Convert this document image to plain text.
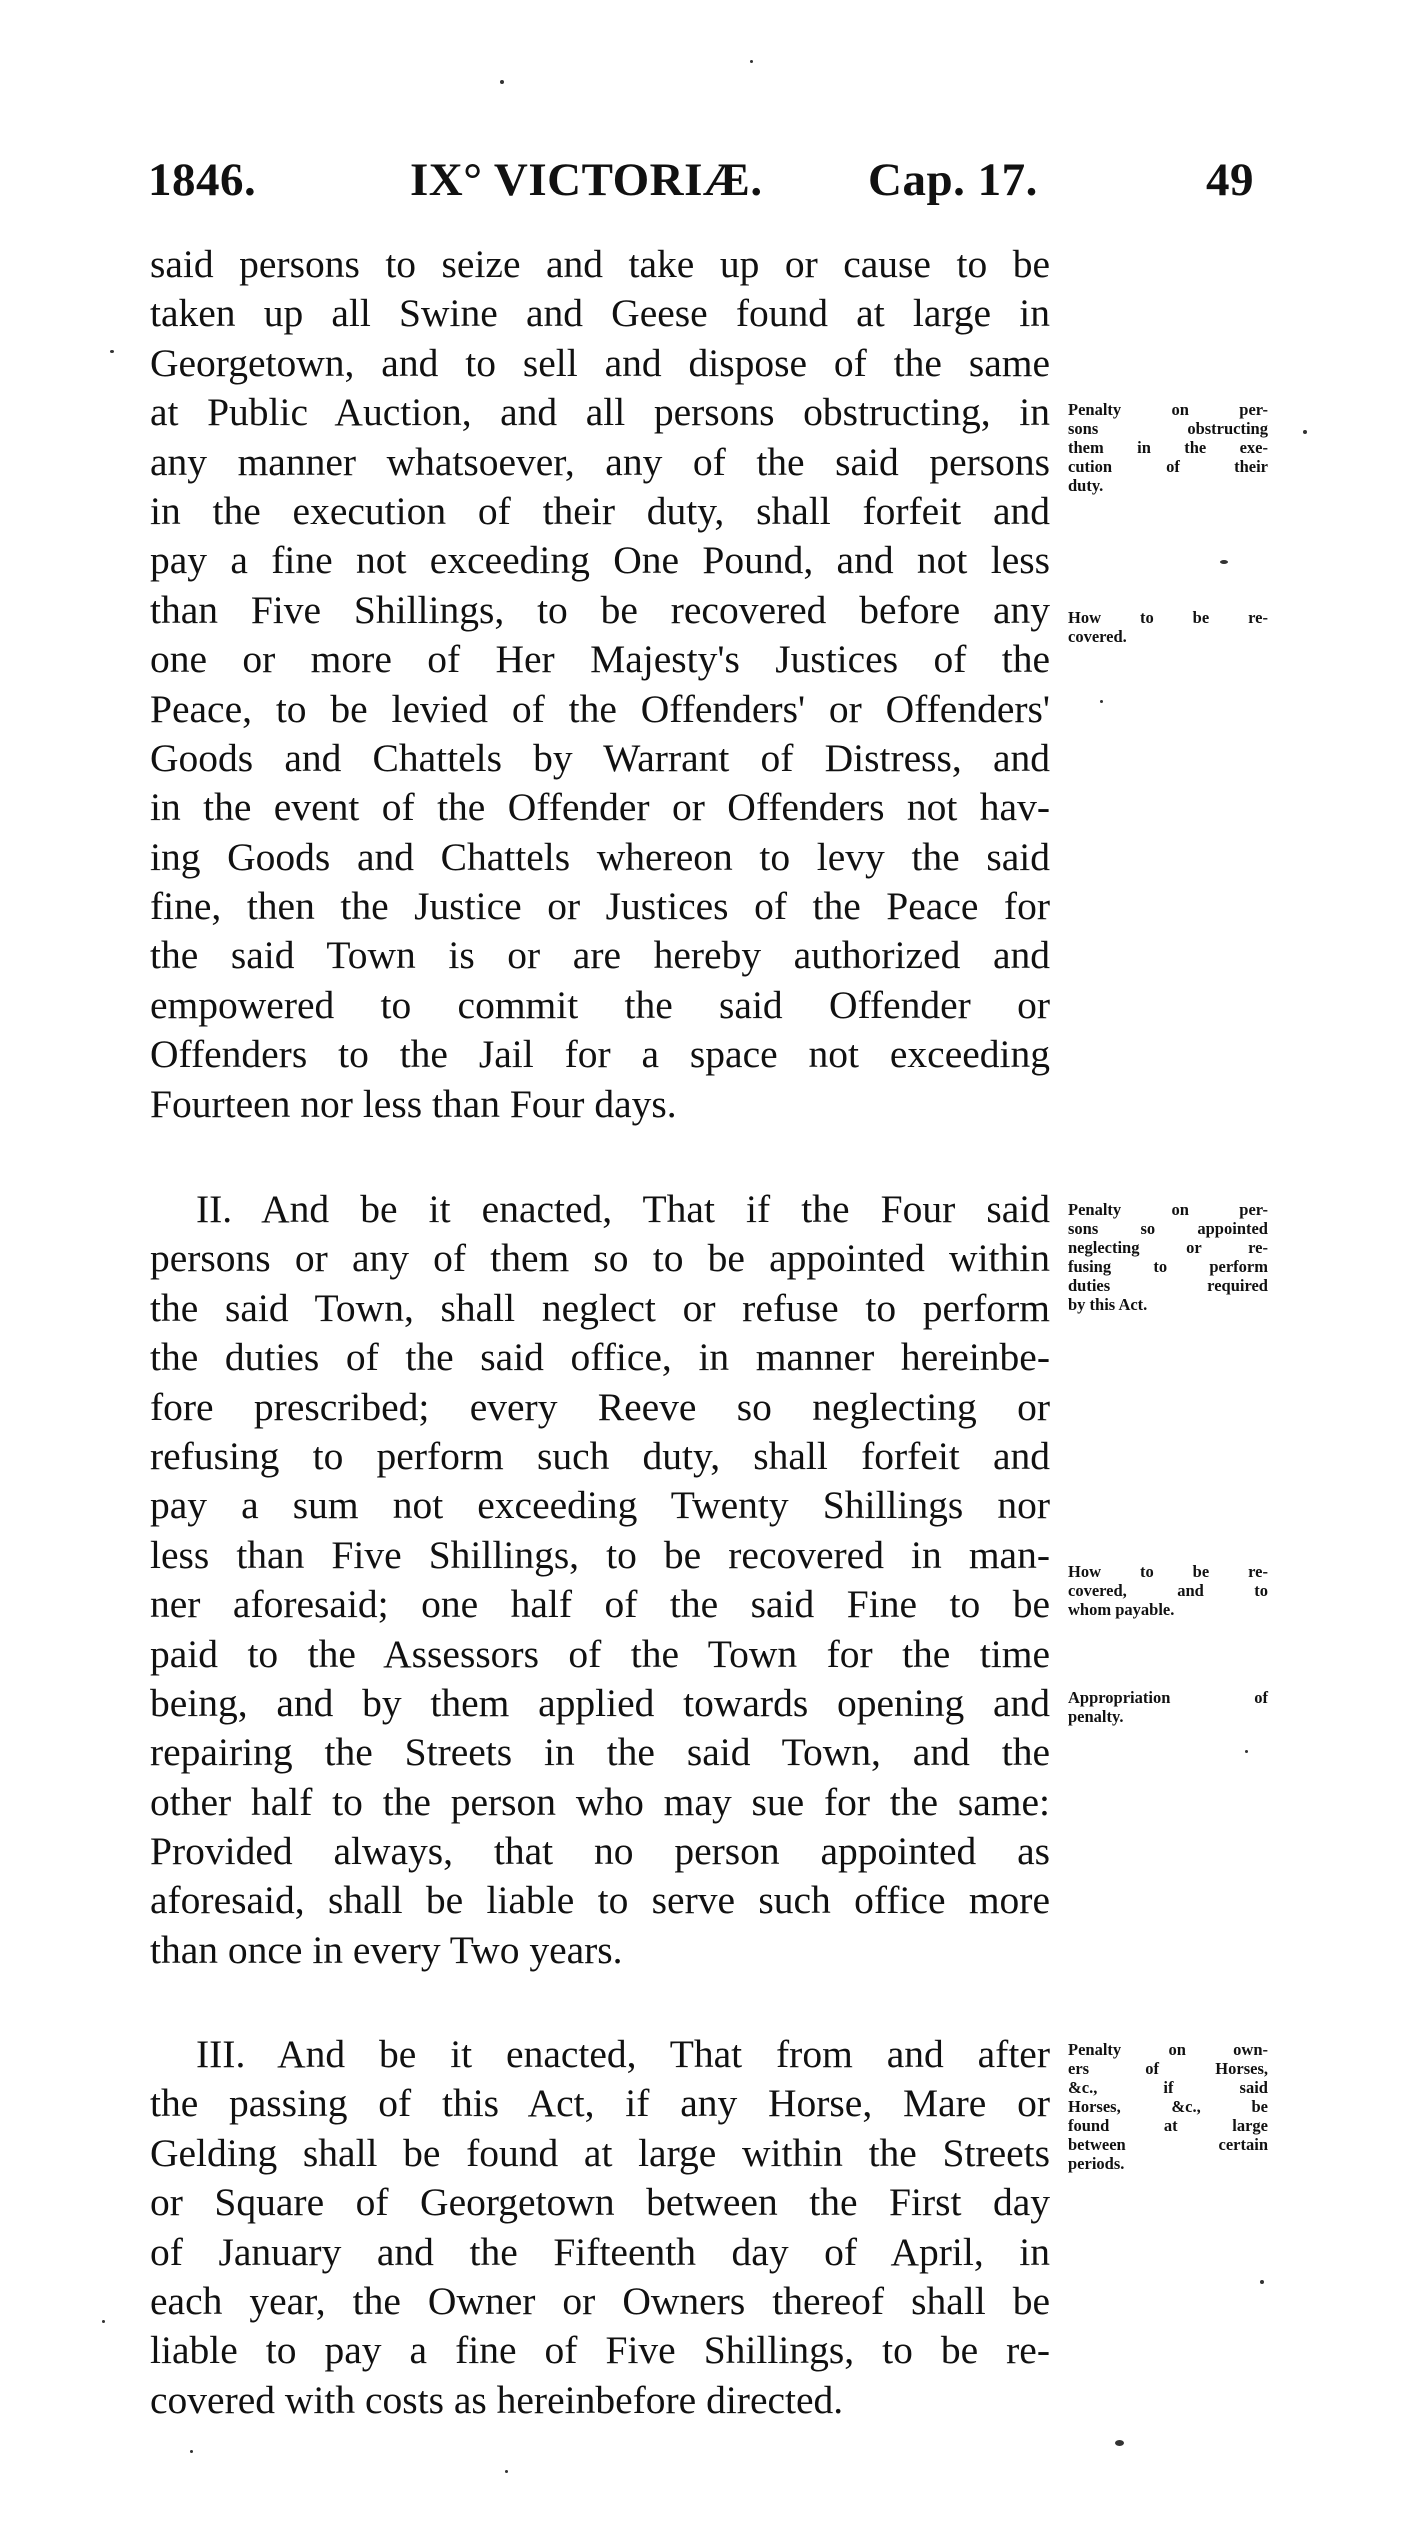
1846.	IX° VICTORIÆ. Cap. 17.	49
said persons to seize and take up or cause to be
taken up all Swine and Geese found at large in
Georgetown, and to sell and dispose of the same
at Public Auction, and all persons obstructing, in
any manner whatsoever, any of the said persons
in the execution of their duty, shall forfeit and
pay a fine not exceeding One Pound, and not less
than Five Shillings, to be recovered before any
one or more of Her Majesty's Justices of the
Peace, to be levied of the Offenders' or Offenders'
Goods and Chattels by Warrant of Distress, and
in the event of the Offender or Offenders not hav-
ing Goods and Chattels whereon to levy the said
fine, then the Justice or Justices of the Peace for
the said Town is or are hereby authorized and
empowered to commit the said Offender or
Offenders to the Jail for a space not exceeding
Fourteen nor less than Four days.
II. And be it enacted, That if the Four said
persons or any of them so to be appointed within
the said Town, shall neglect or refuse to perform
the duties of the said office, in manner hereinbe-
fore prescribed; every Reeve so neglecting or
refusing to perform such duty, shall forfeit and
pay a sum not exceeding Twenty Shillings nor
less than Five Shillings, to be recovered in man-
ner aforesaid; one half of the said Fine to be
paid to the Assessors of the Town for the time
being, and by them applied towards opening and
repairing the Streets in the said Town, and the
other half to the person who may sue for the same:
Provided always, that no person appointed as
aforesaid, shall be liable to serve such office more
than once in every Two years.
III. And be it enacted, That from and after
the passing of this Act, if any Horse, Mare or
Gelding shall be found at large within the Streets
or Square of Georgetown between the First day
of January and the Fifteenth day of April, in
each year, the Owner or Owners thereof shall be
liable to pay a fine of Five Shillings, to be re-
covered with costs as hereinbefore directed.
Penalty on per-
sons obstructing
them in the exe-
cution of their
duty.
How to be re-
covered.
Penalty on per-
sons so appointed
neglecting or re-
fusing to perform
duties required
by this Act.
How to be re-
covered, and to
whom payable.
Appropriation of
penalty.
Penalty on own-
ers of Horses,
&c., if said
Horses, &c., be
found at large
between certain
periods.
